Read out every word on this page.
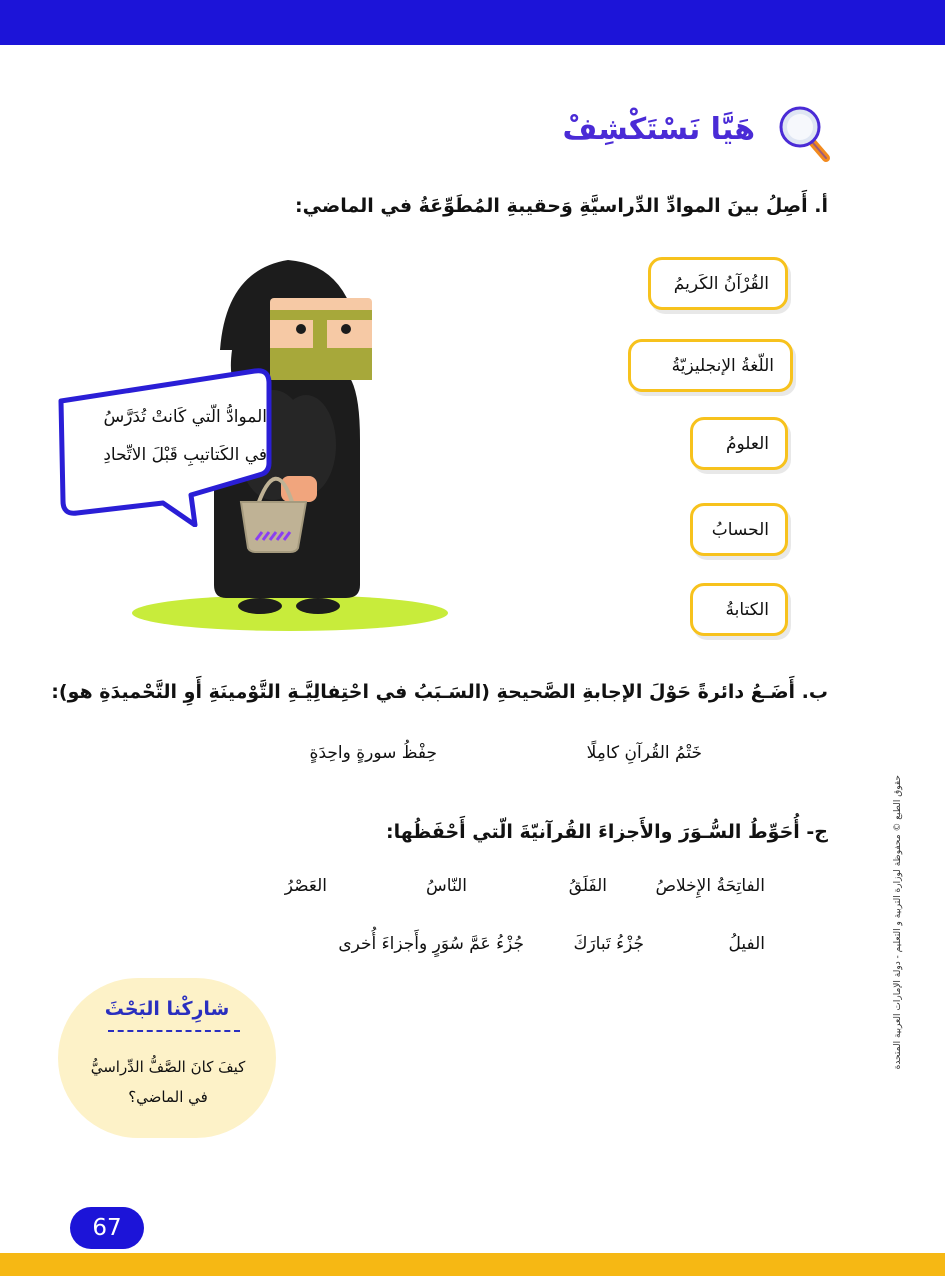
هَيَّا نَسْتَكْشِفْ
أ. أَصِلُ بينَ الموادِّ الدِّراسيَّةِ وَحقيبةِ المُطَوِّعَةُ في الماضي:
القُرْآنُ الكَريمُ
اللّغةُ الإنجليزيّةُ
العلومُ
الحسابُ
الكتابةُ
الموادُّ الّتي كَانتْ تُدَرَّسُ
في الكَتاتيبِ قَبْلَ الاتِّحادِ
ب. أَضَـعُ دائرةً حَوْلَ الإجابةِ الصَّحيحةِ (السَـبَبُ في احْتِفالِيَّـةِ التَّوْمينَةِ أَوِ التَّحْميدَةِ هو):
خَتْمُ القُرآنِ كامِلًا
حِفْظُ سورةٍ واحِدَةٍ
ج- أُحَوِّطُ السُّـوَرَ والأَجزاءَ القُرآنيّةَ الّتي أَحْفَظُها:
الفاتِحَةُ الإِخلاصُ
الفَلَقُ
النّاسُ
العَصْرُ
الفيلُ
جُزْءُ تَبارَكَ
جُزْءُ عَمَّ سُوَرٍ وأَجزاءَ أُخرى	حقوق الطبع © محفوظة لوزارة التربية و التعليم - دولة الإمارات العربية المتحدة
شارِكْنا البَحْثَ
كيفَ كانَ الصَّفُّ الدِّراسيُّ
في الماضي؟
67
